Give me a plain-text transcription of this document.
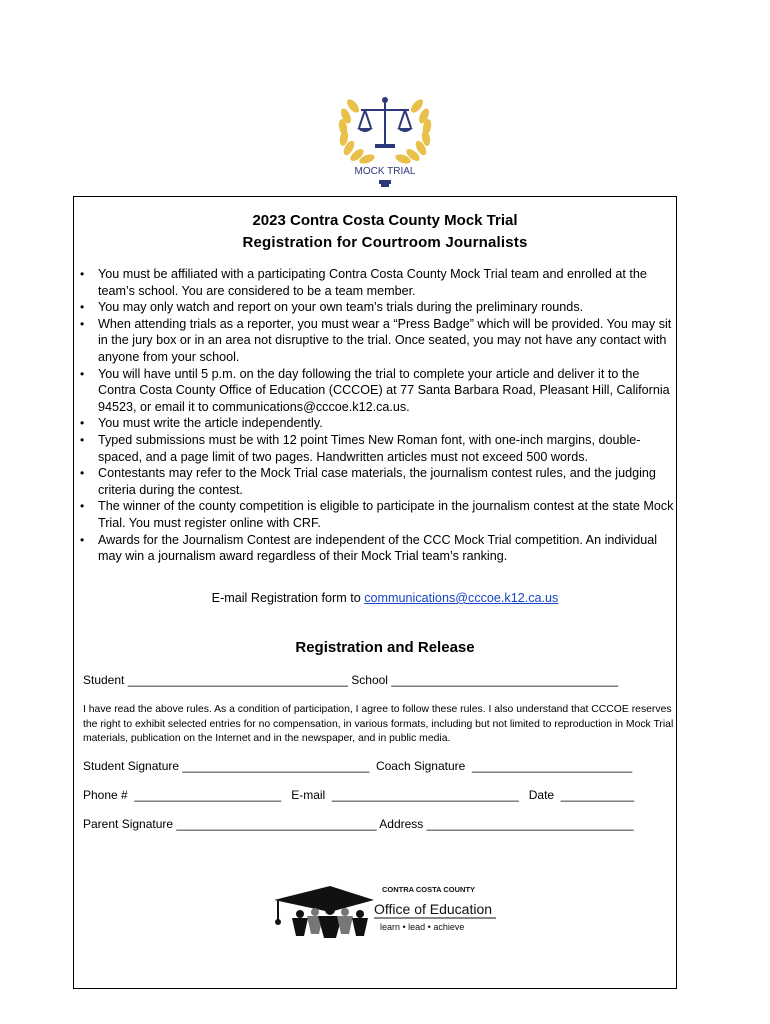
MOCK TRIAL
2023 Contra Costa County Mock Trial
Registration for Courtroom Journalists
• You must be affiliated with a participating Contra Costa County Mock Trial team and enrolled at the team’s school. You are considered to be a team member.
• You may only watch and report on your own team’s trials during the preliminary rounds.
• When attending trials as a reporter, you must wear a “Press Badge” which will be provided. You may sit in the jury box or in an area not disruptive to the trial. Once seated, you may not have any contact with anyone from your school.
• You will have until 5 p.m. on the day following the trial to complete your article and deliver it to the Contra Costa County Office of Education (CCCOE) at 77 Santa Barbara Road, Pleasant Hill, California 94523, or email it to communications@cccoe.k12.ca.us.
• You must write the article independently.
• Typed submissions must be with 12 point Times New Roman font, with one-inch margins, double-spaced, and a page limit of two pages. Handwritten articles must not exceed 500 words.
• Contestants may refer to the Mock Trial case materials, the journalism contest rules, and the judging criteria during the contest.
• The winner of the county competition is eligible to participate in the journalism contest at the state Mock Trial. You must register online with CRF.
• Awards for the Journalism Contest are independent of the CCC Mock Trial competition. An individual may win a journalism award regardless of their Mock Trial team’s ranking.
E-mail Registration form to communications@cccoe.k12.ca.us
Registration and Release
Student _________________________________ School __________________________________
I have read the above rules. As a condition of participation, I agree to follow these rules. I also understand that CCCOE reserves the right to exhibit selected entries for no compensation, in various formats, including but not limited to reproduction in Mock Trial materials, publication on the Internet and in the newspaper, and in public media.
Student Signature ____________________________  Coach Signature  ________________________
Phone #  ______________________   E-mail  ____________________________   Date  ___________
Parent Signature ______________________________ Address _______________________________
CONTRA COSTA COUNTY
Office of Education
learn • lead • achieve
